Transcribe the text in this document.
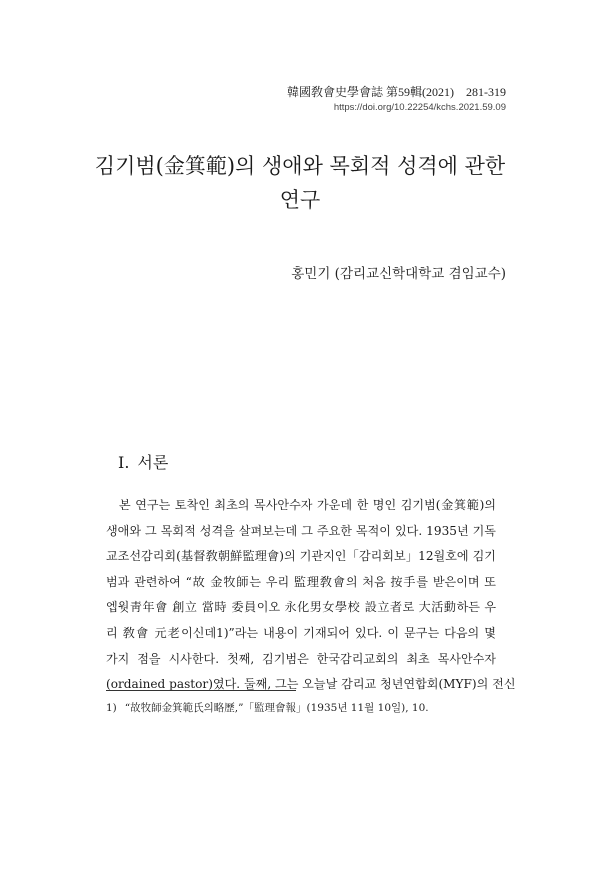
韓國敎會史學會誌 第59輯(2021)　281-319
https://doi.org/10.22254/kchs.2021.59.09
김기범(金箕範)의 생애와 목회적 성격에 관한
연구
홍민기 (감리교신학대학교 겸임교수)
Ⅰ. 서론
본 연구는 토착인 최초의 목사안수자 가운데 한 명인 김기범(金箕範)의
생애와 그 목회적 성격을 살펴보는데 그 주요한 목적이 있다. 1935년 기독
교조선감리회(基督敎朝鮮監理會)의 기관지인「감리회보」12월호에 김기
범과 관련하여 “故 金牧師는 우리 監理敎會의 처음 按手를 받은이며 또
엡웟靑年會 創立 當時 委員이오 永化男女學校 設立者로 大活動하든 우
리 敎會 元老이신데1)”라는 내용이 기재되어 있다. 이 문구는 다음의 몇
가지 점을 시사한다. 첫째, 김기범은 한국감리교회의 최초 목사안수자
(ordained pastor)였다. 둘째, 그는 오늘날 감리교 청년연합회(MYF)의 전신
1) “故牧師金箕範氏의略歷,”「監理會報」(1935년 11월 10일), 10.
